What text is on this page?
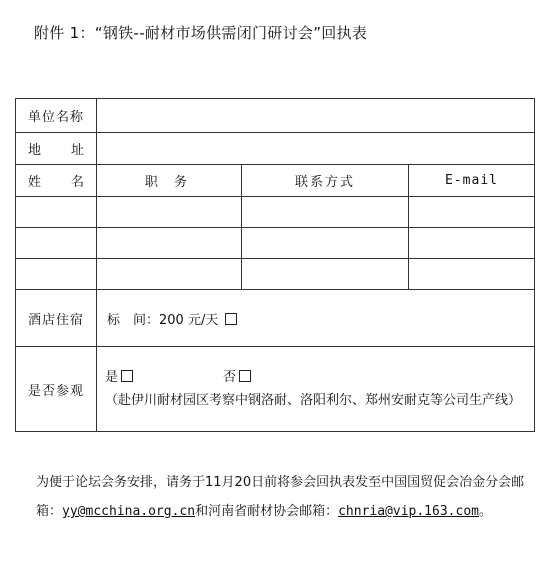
附件 1：“钢铁--耐材市场供需闭门研讨会”回执表
单位名称			

地 址			

姓 名	职 务	联系方式	E-mail

酒店住宿	标　间：200 元/天		

是否参观	是 否
（赴伊川耐材园区考察中钢洛耐、洛阳利尔、郑州安耐克等公司生产线）		

为便于论坛会务安排，请务于11月20日前将参会回执表发至中国国贸促会冶金分会邮箱：yy@mcchina.org.cn和河南省耐材协会邮箱：chnria@vip.163.com。
